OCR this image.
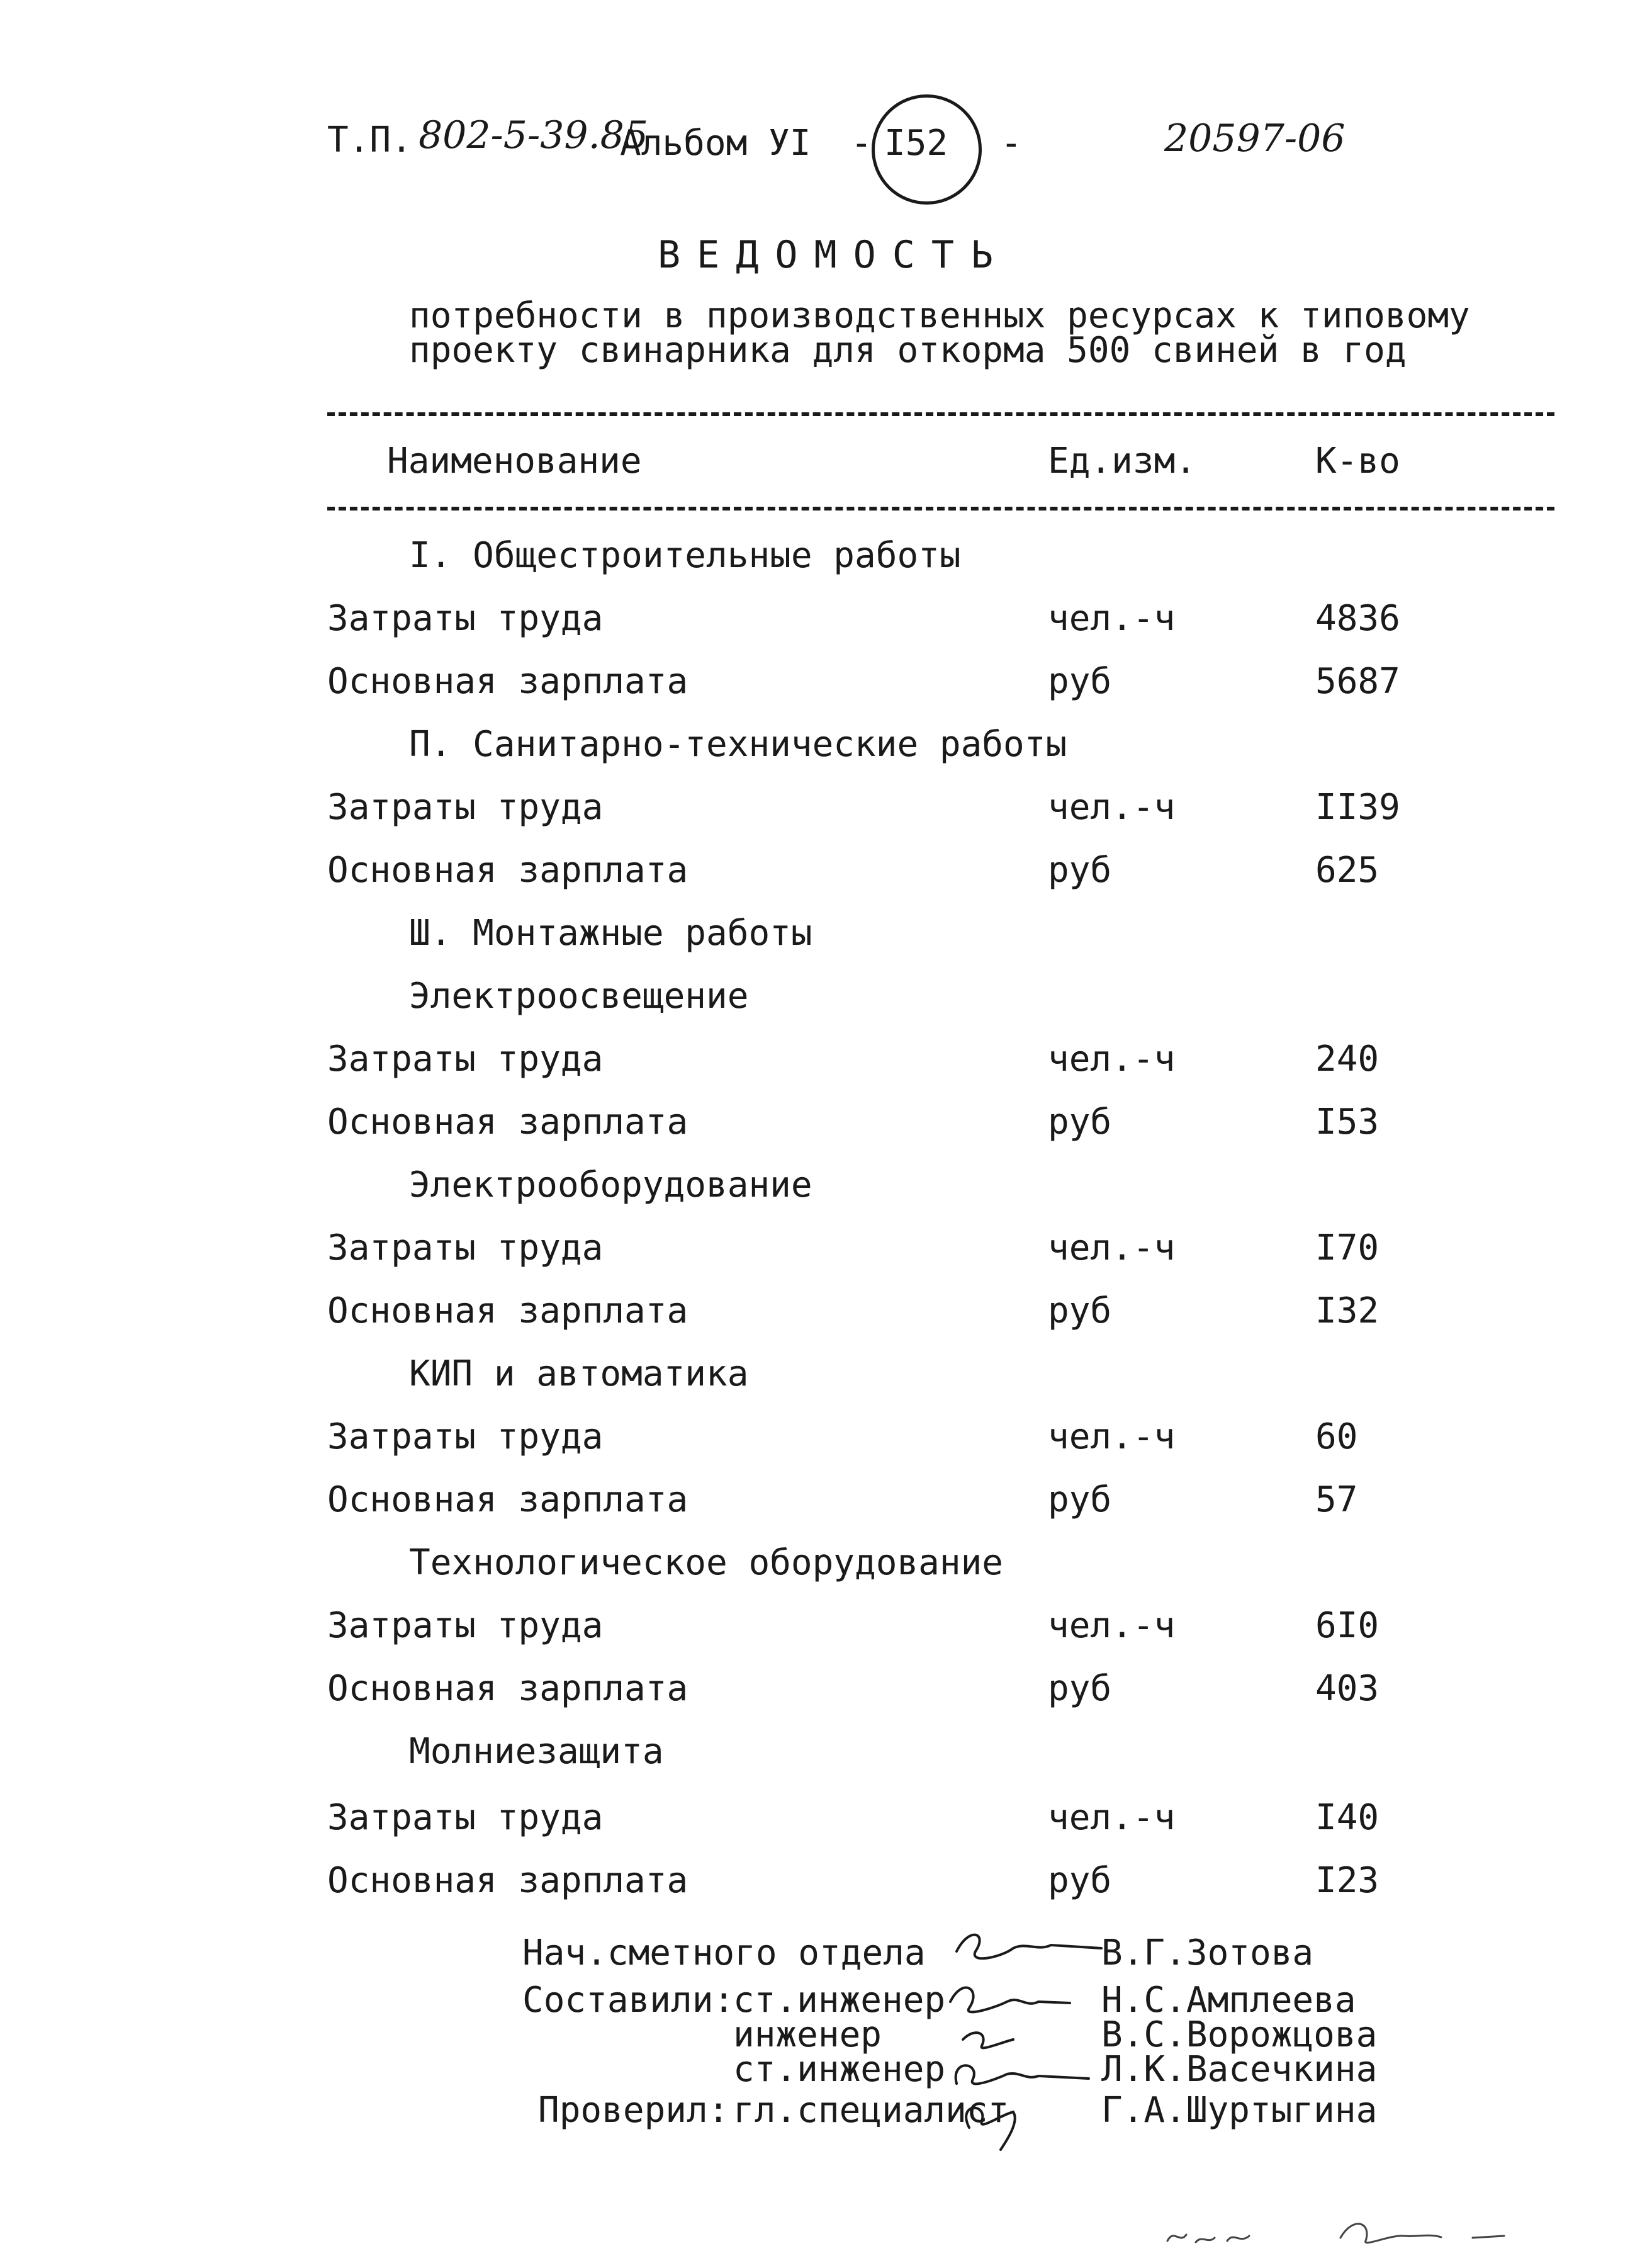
Т.П. 802-5-39.85
Альбом УI - I52 -	20597-06
ВЕДОМОСТЬ
потребности в производственных ресурсах к типовому
проекту свинарника для откорма 500 свиней в год
Наименование	Ед.изм.	К-во
I. Общестроительные работы
Затраты труда	чел.-ч	4836
Основная зарплата	руб	5687
П. Санитарно-технические работы
Затраты труда	чел.-ч	II39
Основная зарплата	руб	625
Ш. Монтажные работы
Электроосвещение
Затраты труда	чел.-ч	240
Основная зарплата	руб	I53
Электрооборудование
Затраты труда	чел.-ч	I70
Основная зарплата	руб	I32
КИП и автоматика
Затраты труда	чел.-ч	60
Основная зарплата	руб	57
Технологическое оборудование
Затраты труда	чел.-ч	6I0
Основная зарплата	руб	403
Молниезащита
Затраты труда	чел.-ч	I40
Основная зарплата	руб	I23
Нач.сметного отдела	В.Г.Зотова
Составили:
ст.инженер	Н.С.Амплеева
инженер	В.С.Ворожцова
ст.инженер	Л.К.Васечкина
Проверил: гл.специалист	Г.А.Шуртыгина
